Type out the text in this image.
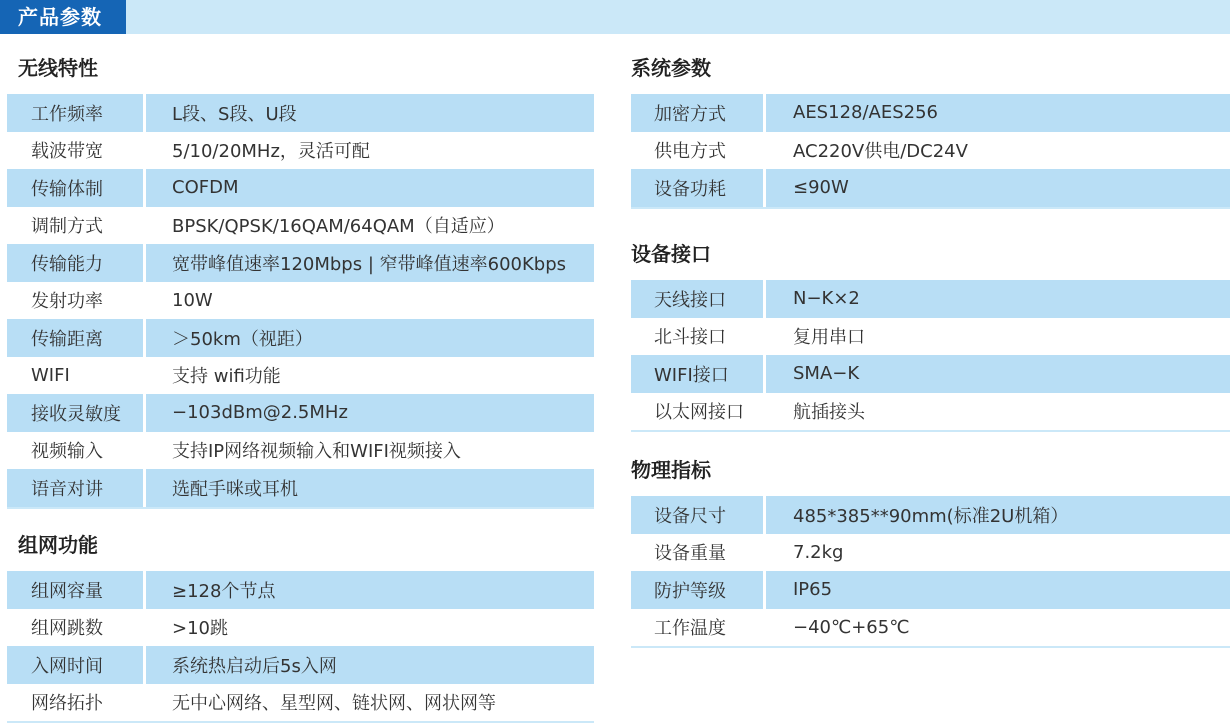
产品参数
无线特性
工作频率	L段、S段、U段
载波带宽	5/10/20MHz，灵活可配
传输体制	COFDM
调制方式	BPSK/QPSK/16QAM/64QAM（自适应）
传输能力	宽带峰值速率120Mbps | 窄带峰值速率600Kbps
发射功率	10W
传输距离	＞50km（视距）
WIFI	支持 wifi功能
接收灵敏度	−103dBm@2.5MHz
视频输入	支持IP网络视频输入和WIFI视频接入
语音对讲	选配手咪或耳机
组网功能
组网容量	≥128个节点
组网跳数	>10跳
入网时间	系统热启动后5s入网
网络拓扑	无中心网络、星型网、链状网、网状网等
系统参数
加密方式	AES128/AES256
供电方式	AC220V供电/DC24V
设备功耗	≤90W
设备接口
天线接口	N−K×2
北斗接口	复用串口
WIFI接口	SMA−K
以太网接口	航插接头
物理指标
设备尺寸	485*385**90mm(标准2U机箱）
设备重量	7.2kg
防护等级	IP65
工作温度	−40℃+65℃
